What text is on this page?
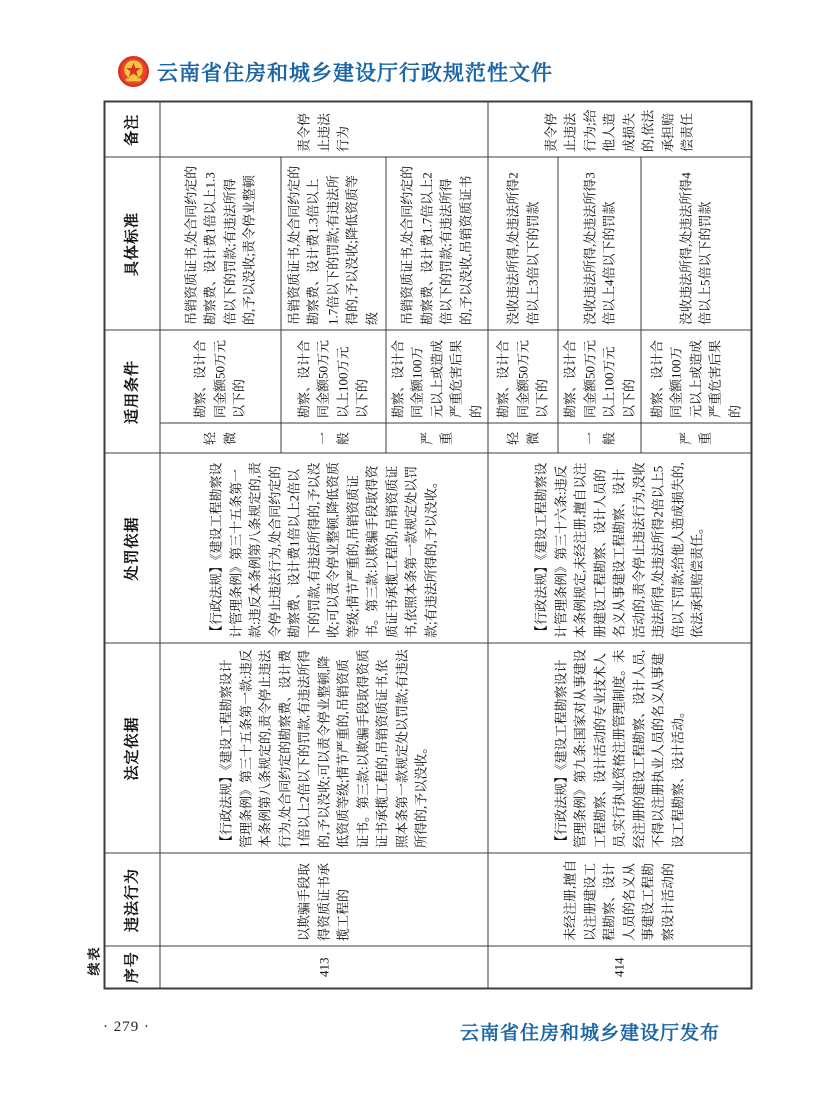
云南省住房和城乡建设厅行政规范性文件
续表 序号	违法行为	法定依据	处罚依据	适用条件		具体标准	备注
413	以欺骗手段取得资质证书承揽工程的	【行政法规】《建设工程勘察设计管理条例》第三十五条第一款:违反本条例第八条规定的,责令停止违法行为,处合同约定的勘察费、设计费1倍以上2倍以下的罚款,有违法所得的,予以没收;可以责令停业整顿,降低资质等级;情节严重的,吊销资质证书。第三款:以欺骗手段取得资质证书承揽工程的,吊销资质证书,依照本条第一款规定处以罚款;有违法所得的,予以没收。	【行政法规】《建设工程勘察设计管理条例》第三十五条第一款:违反本条例第八条规定的,责令停止违法行为,处合同约定的勘察费、设计费1倍以上2倍以下的罚款,有违法所得的,予以没收;可以责令停业整顿,降低资质等级;情节严重的,吊销资质证书。第三款:以欺骗手段取得资质证书承揽工程的,吊销资质证书,依照本条第一款规定处以罚款;有违法所得的,予以没收。	轻微	勘察、设计合同金额50万元以下的	吊销资质证书,处合同约定的勘察费、设计费1倍以上1.3倍以下的罚款;有违法所得的,予以没收;责令停业整顿	责令停止违法行为
				一般	勘察、设计合同金额50万元以上100万元以下的	吊销资质证书,处合同约定的勘察费、设计费1.3倍以上1.7倍以下的罚款;有违法所得的,予以没收;降低资质等级	
				严重	勘察、设计合同金额100万元以上或造成严重危害后果的	吊销资质证书,处合同约定的勘察费、设计费1.7倍以上2倍以下的罚款;有违法所得的,予以没收,吊销资质证书	
414	未经注册,擅自以注册建设工程勘察、设计人员的名义从事建设工程勘察设计活动的	【行政法规】《建设工程勘察设计管理条例》第九条:国家对从事建设工程勘察、设计活动的专业技术人员,实行执业资格注册管理制度。未经注册的建设工程勘察、设计人员,不得以注册执业人员的名义从事建设工程勘察、设计活动。	【行政法规】《建设工程勘察设计管理条例》第三十六条:违反本条例规定,未经注册,擅自以注册建设工程勘察、设计人员的名义从事建设工程勘察、设计活动的,责令停止违法行为,没收违法所得,处违法所得2倍以上5倍以下罚款;给他人造成损失的,依法承担赔偿责任。	轻微	勘察、设计合同金额50万元以下的	没收违法所得,处违法所得2倍以上3倍以下的罚款	责令停止违法行为;给他人造成损失的,依法承担赔偿责任
				一般	勘察、设计合同金额50万元以上100万元以下的	没收违法所得,处违法所得3倍以上4倍以下的罚款	
				严重	勘察、设计合同金额100万元以上或造成严重危害后果的	没收违法所得,处违法所得4倍以上5倍以下的罚款	
· 279 ·	云南省住房和城乡建设厅发布
